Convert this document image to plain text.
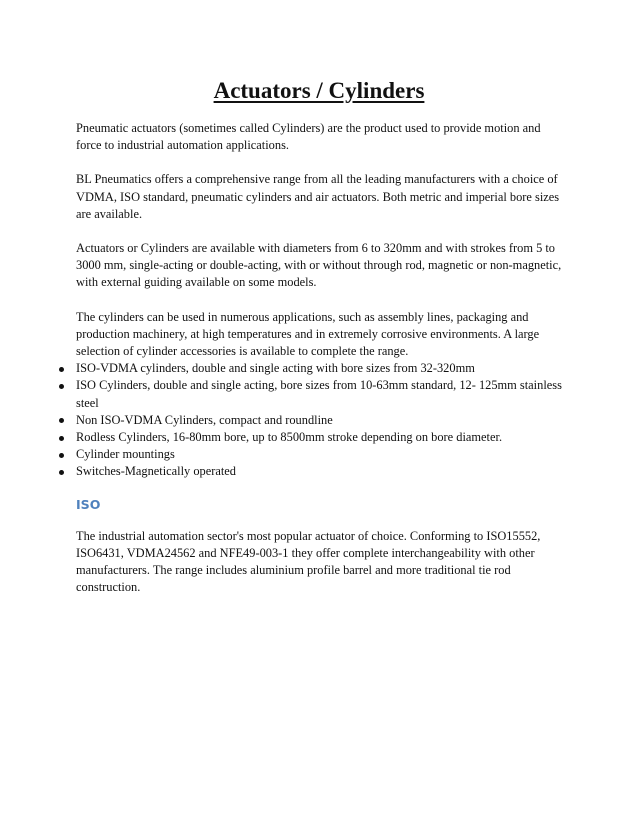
Actuators / Cylinders

Pneumatic actuators (sometimes called Cylinders) are the product used to provide motion and force to industrial automation applications.

BL Pneumatics offers a comprehensive range from all the leading manufacturers with a choice of VDMA, ISO standard, pneumatic cylinders and air actuators. Both metric and imperial bore sizes are available.

Actuators or Cylinders are available with diameters from 6 to 320mm and with strokes from 5 to 3000 mm, single-acting or double-acting, with or without through rod, magnetic or non-magnetic, with external guiding available on some models.

The cylinders can be used in numerous applications, such as assembly lines, packaging and production machinery, at high temperatures and in extremely corrosive environments. A large selection of cylinder accessories is available to complete the range.

ISO-VDMA cylinders, double and single acting with bore sizes from 32-320mm
ISO Cylinders, double and single acting, bore sizes from 10-63mm standard, 12- 125mm stainless steel
Non ISO-VDMA Cylinders, compact and roundline
Rodless Cylinders, 16-80mm bore, up to 8500mm stroke depending on bore diameter.
Cylinder mountings
Switches-Magnetically operated
ISO

The industrial automation sector's most popular actuator of choice. Conforming to ISO15552, ISO6431, VDMA24562 and NFE49-003-1 they offer complete interchangeability with other manufacturers. The range includes aluminium profile barrel and more traditional tie rod construction.
